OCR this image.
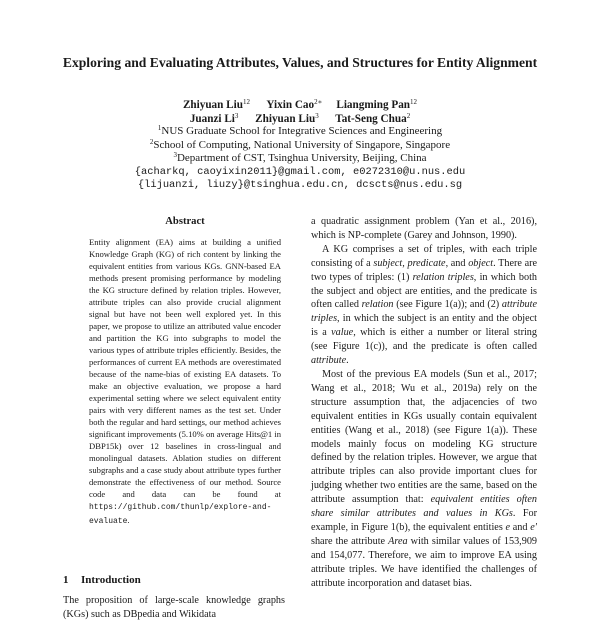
Exploring and Evaluating Attributes, Values, and Structures for Entity Alignment
Zhiyuan Liu$^{12}$ Yixin Cao$^{2∗}$ Liangming Pan$^{12}$
Juanzi Li$^3$ Zhiyuan Liu$^3$ Tat-Seng Chua$^2$
$^1$NUS Graduate School for Integrative Sciences and Engineering
$^2$School of Computing, National University of Singapore, Singapore
$^3$Department of CST, Tsinghua University, Beijing, China
{acharkq, caoyixin2011}@gmail.com, e0272310@u.nus.edu
{lijuanzi, liuzy}@tsinghua.edu.cn, dcscts@nus.edu.sg
Abstract
Entity alignment (EA) aims at building a unified Knowledge Graph (KG) of rich content by linking the equivalent entities from various KGs. GNN-based EA methods present promising performance by modeling the KG structure defined by relation triples. However, attribute triples can also provide crucial alignment signal but have not been well explored yet. In this paper, we propose to utilize an attributed value encoder and partition the KG into subgraphs to model the various types of attribute triples efficiently. Besides, the performances of current EA methods are overestimated because of the name-bias of existing EA datasets. To make an objective evaluation, we propose a hard experimental setting where we select equivalent entity pairs with very different names as the test set. Under both the regular and hard settings, our method achieves significant improvements (5.10% on average Hits@1 in DBP15k) over 12 baselines in cross-lingual and monolingual datasets. Ablation studies on different subgraphs and a case study about attribute types further demonstrate the effectiveness of our method. Source code and data can be found at https://github.com/thunlp/explore-and-evaluate.
1 Introduction
The proposition of large-scale knowledge graphs (KGs) such as DBpedia and Wikidata

a quadratic assignment problem (Yan et al., 2016), which is NP-complete (Garey and Johnson, 1990).

A KG comprises a set of triples, with each triple consisting of a subject, predicate, and object. There are two types of triples: (1) relation triples, in which both the subject and object are entities, and the predicate is often called relation (see Figure 1(a)); and (2) attribute triples, in which the subject is an entity and the object is a value, which is either a number or literal string (see Figure 1(c)), and the predicate is often called attribute.

Most of the previous EA models (Sun et al., 2017; Wang et al., 2018; Wu et al., 2019a) rely on the structure assumption that, the adjacencies of two equivalent entities in KGs usually contain equivalent entities (Wang et al., 2018) (see Figure 1(a)). These models mainly focus on modeling KG structure defined by the relation triples. However, we argue that attribute triples can also provide important clues for judging whether two entities are the same, based on the attribute assumption that: equivalent entities often share similar attributes and values in KGs. For example, in Figure 1(b), the equivalent entities e and e′ share the attribute Area with similar values of 153,909 and 154,077. Therefore, we aim to improve EA using attribute triples. We have identified the challenges of attribute incorporation and dataset bias.
